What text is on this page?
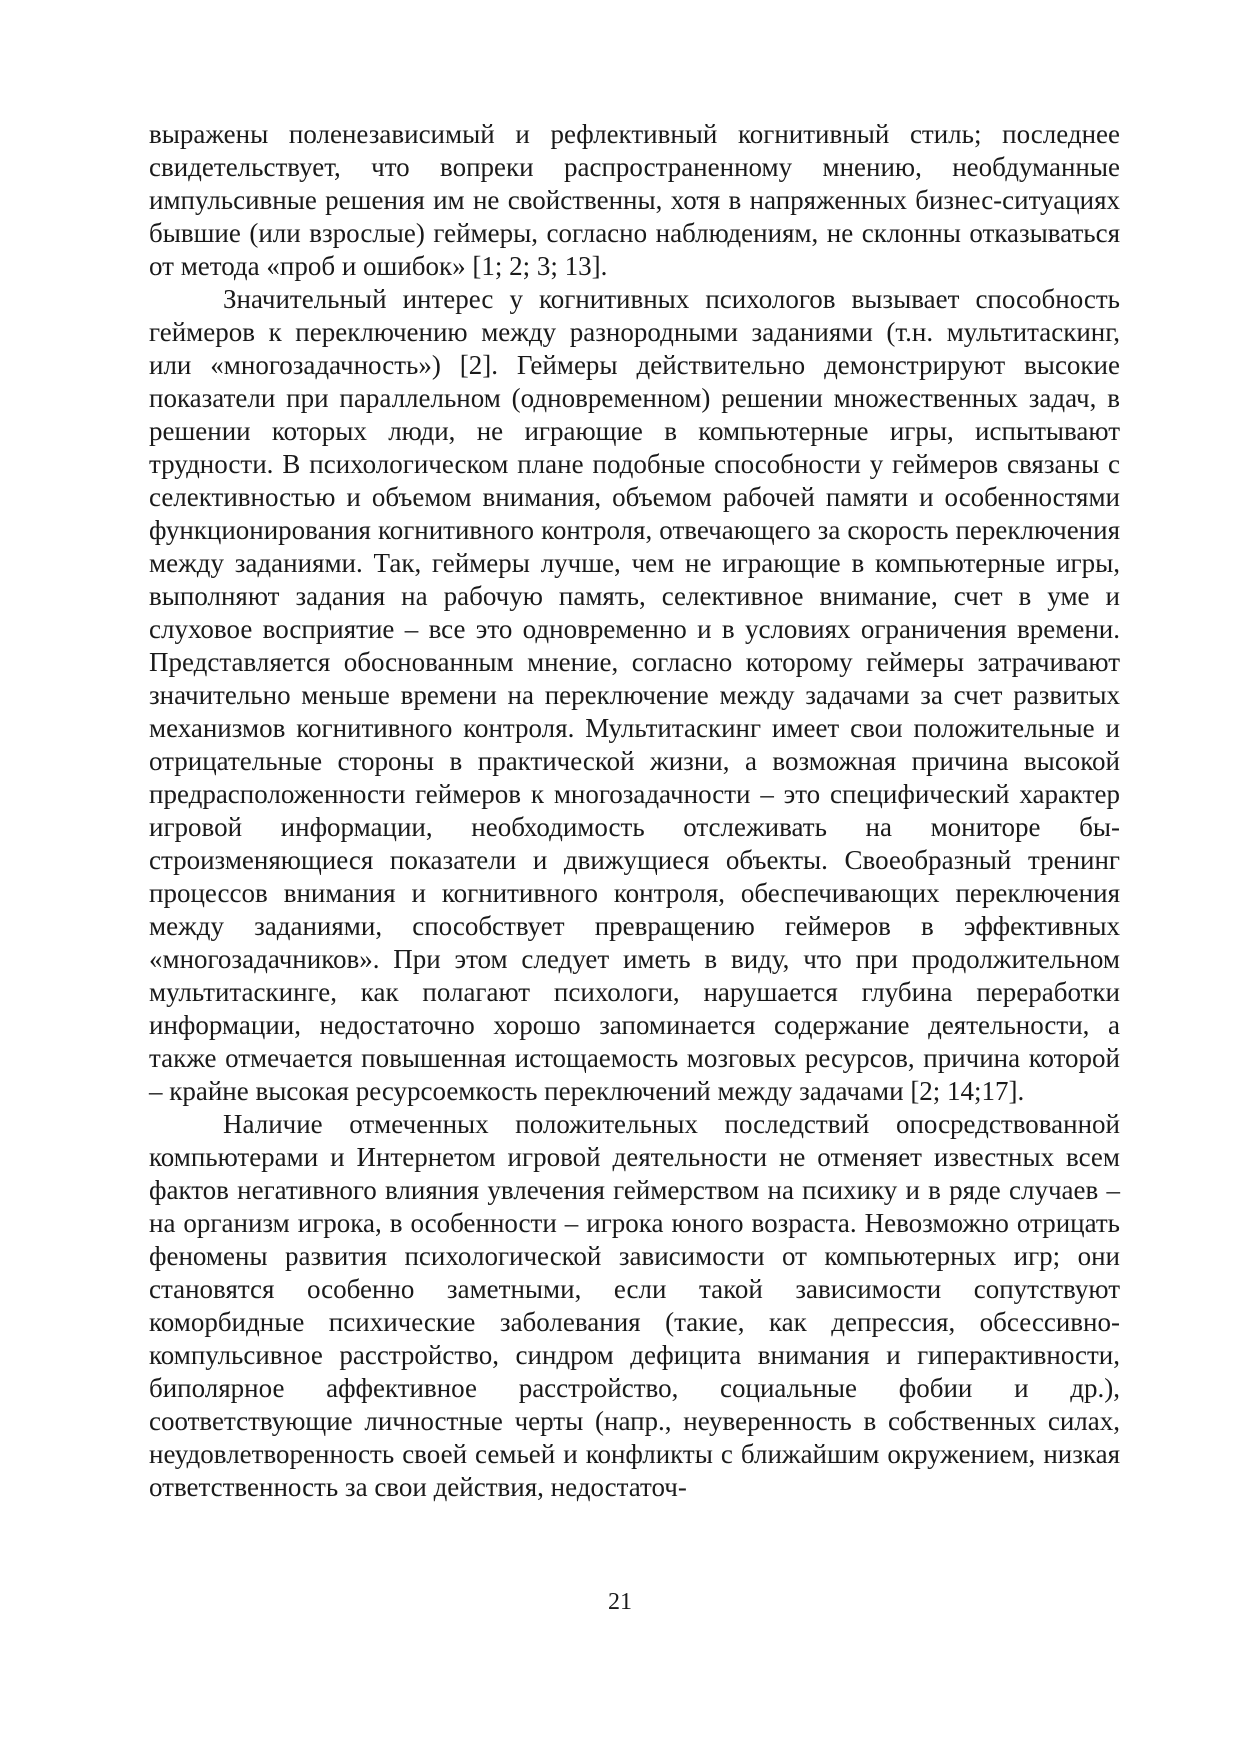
выражены поленезависимый и рефлективный когнитивный стиль; последнее свидетельствует, что вопреки распространенному мнению, необдуманные импульсивные решения им не свойственны, хотя в напряженных бизнес-ситуациях бывшие (или взрослые) геймеры, согласно наблюдениям, не склонны отказываться от метода «проб и ошибок» [1; 2; 3; 13].

Значительный интерес у когнитивных психологов вызывает способность геймеров к переключению между разнородными заданиями (т.н. мультитаскинг, или «многозадачность») [2]. Геймеры действительно демонстрируют высокие показатели при параллельном (одновременном) решении множественных задач, в решении которых люди, не играющие в компьютерные игры, испытывают трудности. В психологическом плане подобные способности у геймеров связаны с селективностью и объемом внимания, объемом рабочей памяти и особенностями функционирования когнитивного контроля, отвечающего за скорость переключения между заданиями. Так, геймеры лучше, чем не играющие в компьютерные игры, выполняют задания на рабочую память, селективное внимание, счет в уме и слуховое восприятие – все это одновременно и в условиях ограничения времени. Представляется обоснованным мнение, согласно которому геймеры затрачивают значительно меньше времени на переключение между задачами за счет развитых механизмов когнитивного контроля. Мультитаскинг имеет свои положительные и отрицательные стороны в практической жизни, а возможная причина высокой предрасположенности геймеров к многозадачности – это специфический характер игровой информации, необходимость отслеживать на мониторе быстроизменяющиеся показатели и движущиеся объекты. Своеобразный тренинг процессов внимания и когнитивного контроля, обеспечивающих переключения между заданиями, способствует превращению геймеров в эффективных «многозадачников». При этом следует иметь в виду, что при продолжительном мультитаскинге, как полагают психологи, нарушается глубина переработки информации, недостаточно хорошо запоминается содержание деятельности, а также отмечается повышенная истощаемость мозговых ресурсов, причина которой – крайне высокая ресурсоемкость переключений между задачами [2; 14;17].

Наличие отмеченных положительных последствий опосредствованной компьютерами и Интернетом игровой деятельности не отменяет известных всем фактов негативного влияния увлечения геймерством на психику и в ряде случаев – на организм игрока, в особенности – игрока юного возраста. Невозможно отрицать феномены развития психологической зависимости от компьютерных игр; они становятся особенно заметными, если такой зависимости сопутствуют коморбидные психические заболевания (такие, как депрессия, обсессивно-компульсивное расстройство, синдром дефицита внимания и гиперактивности, биполярное аффективное расстройство, социальные фобии и др.), соответствующие личностные черты (напр., неуверенность в собственных силах, неудовлетворенность своей семьей и конфликты с ближайшим окружением, низкая ответственность за свои действия, недостаточ-

21
